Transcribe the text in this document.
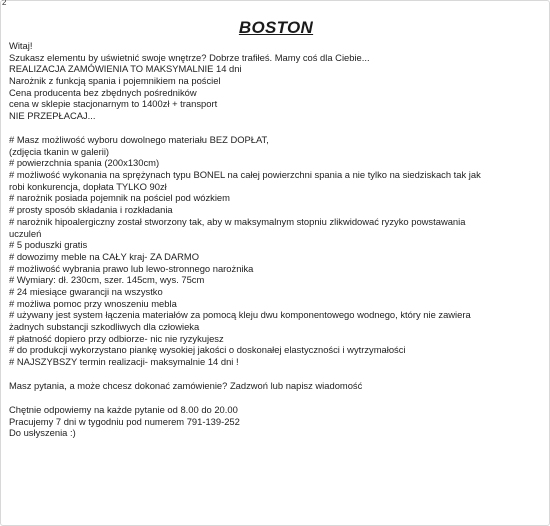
2
BOSTON
Witaj!
Szukasz elementu by uświetnić swoje wnętrze? Dobrze trafiłeś. Mamy coś dla Ciebie...
REALIZACJA ZAMÓWIENIA TO MAKSYMALNIE 14 dni
Narożnik z funkcją spania i pojemnikiem na pościel
Cena producenta bez zbędnych pośredników
cena w sklepie stacjonarnym to 1400zł + transport
NIE PRZEPŁACAJ...
# Masz możliwość wyboru dowolnego materiału BEZ DOPŁAT,
(zdjęcia tkanin w galerii)
# powierzchnia spania (200x130cm)
# możliwość wykonania na sprężynach typu BONEL na całej powierzchni spania a nie tylko na siedziskach tak jak
robi konkurencja, dopłata TYLKO 90zł
# narożnik posiada pojemnik na pościel pod wózkiem
# prosty sposób składania i rozkładania
# narożnik hipoalergiczny został stworzony tak, aby w maksymalnym stopniu zlikwidować ryzyko powstawania
uczuleń
# 5 poduszki gratis
# dowozimy meble na CAŁY kraj- ZA DARMO
# możliwość wybrania prawo lub lewo-stronnego narożnika
# Wymiary: dł. 230cm, szer. 145cm, wys. 75cm
# 24 miesiące gwarancji na wszystko
# możliwa pomoc przy wnoszeniu mebla
# używany jest system łączenia materiałów za pomocą kleju dwu komponentowego wodnego, który nie zawiera
żadnych substancji szkodliwych dla człowieka
# płatność dopiero przy odbiorze- nic nie ryzykujesz
# do produkcji wykorzystano piankę wysokiej jakości o doskonałej elastyczności i wytrzymałości
# NAJSZYBSZY termin realizacji- maksymalnie 14 dni !
Masz pytania, a może chcesz dokonać zamówienie? Zadzwoń lub napisz wiadomość
Chętnie odpowiemy na każde pytanie od 8.00 do 20.00
Pracujemy 7 dni w tygodniu pod numerem 791-139-252
Do usłyszenia :)
